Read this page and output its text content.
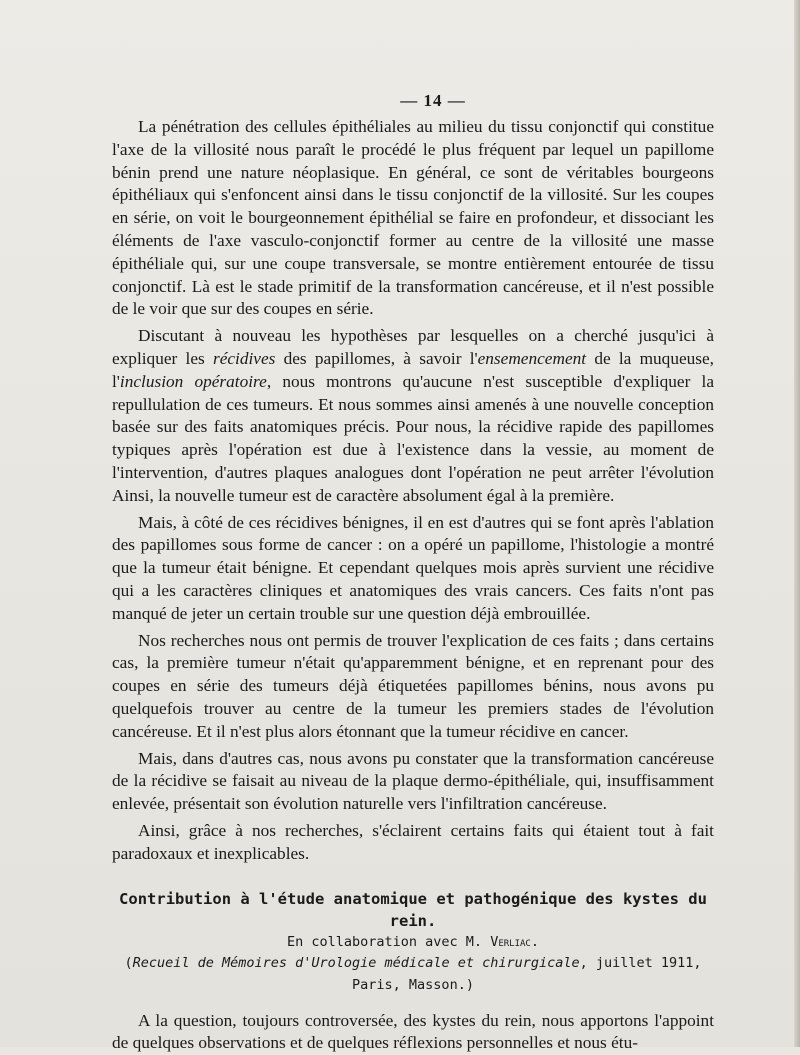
— 14 —

La pénétration des cellules épithéliales au milieu du tissu conjonctif qui constitue l'axe de la villosité nous paraît le procédé le plus fréquent par lequel un papillome bénin prend une nature néoplasique. En général, ce sont de véritables bourgeons épithéliaux qui s'enfoncent ainsi dans le tissu conjonctif de la villosité. Sur les coupes en série, on voit le bourgeonnement épithélial se faire en profondeur, et dissociant les éléments de l'axe vasculo-conjonctif former au centre de la villosité une masse épithéliale qui, sur une coupe transversale, se montre entièrement entourée de tissu conjonctif. Là est le stade primitif de la transformation cancéreuse, et il n'est possible de le voir que sur des coupes en série.

Discutant à nouveau les hypothèses par lesquelles on a cherché jusqu'ici à expliquer les récidives des papillomes, à savoir l'ensemencement de la muqueuse, l'inclusion opératoire, nous montrons qu'aucune n'est susceptible d'expliquer la repullulation de ces tumeurs. Et nous sommes ainsi amenés à une nouvelle conception basée sur des faits anatomiques précis. Pour nous, la récidive rapide des papillomes typiques après l'opération est due à l'existence dans la vessie, au moment de l'intervention, d'autres plaques analogues dont l'opération ne peut arrêter l'évolution Ainsi, la nouvelle tumeur est de caractère absolument égal à la première.

Mais, à côté de ces récidives bénignes, il en est d'autres qui se font après l'ablation des papillomes sous forme de cancer : on a opéré un papillome, l'histologie a montré que la tumeur était bénigne. Et cependant quelques mois après survient une récidive qui a les caractères cliniques et anatomiques des vrais cancers. Ces faits n'ont pas manqué de jeter un certain trouble sur une question déjà embrouillée.

Nos recherches nous ont permis de trouver l'explication de ces faits ; dans certains cas, la première tumeur n'était qu'apparemment bénigne, et en reprenant pour des coupes en série des tumeurs déjà étiquetées papillomes bénins, nous avons pu quelquefois trouver au centre de la tumeur les premiers stades de l'évolution cancéreuse. Et il n'est plus alors étonnant que la tumeur récidive en cancer.

Mais, dans d'autres cas, nous avons pu constater que la transformation cancéreuse de la récidive se faisait au niveau de la plaque dermo-épithéliale, qui, insuffisamment enlevée, présentait son évolution naturelle vers l'infiltration cancéreuse.

Ainsi, grâce à nos recherches, s'éclairent certains faits qui étaient tout à fait paradoxaux et inexplicables.

Contribution à l'étude anatomique et pathogénique des kystes du rein.
En collaboration avec M. Verliac.
(Recueil de Mémoires d'Urologie médicale et chirurgicale, juillet 1911, Paris, Masson.)

A la question, toujours controversée, des kystes du rein, nous apportons l'appoint de quelques observations et de quelques réflexions personnelles et nous étu-
